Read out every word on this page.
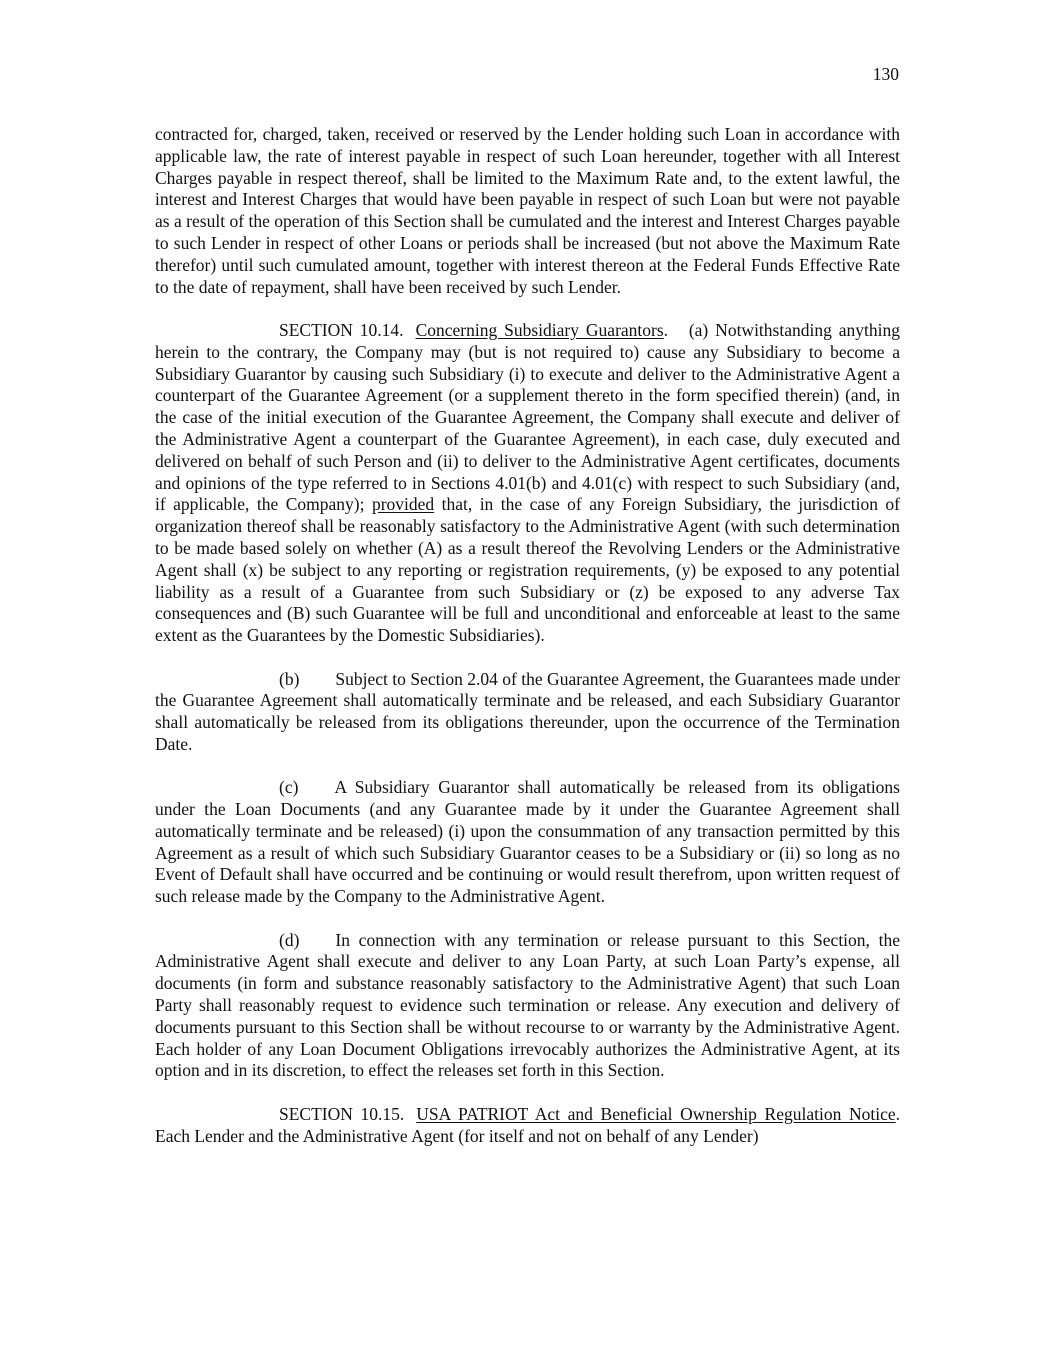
130

contracted for, charged, taken, received or reserved by the Lender holding such Loan in accordance with applicable law, the rate of interest payable in respect of such Loan hereunder, together with all Interest Charges payable in respect thereof, shall be limited to the Maximum Rate and, to the extent lawful, the interest and Interest Charges that would have been payable in respect of such Loan but were not payable as a result of the operation of this Section shall be cumulated and the interest and Interest Charges payable to such Lender in respect of other Loans or periods shall be increased (but not above the Maximum Rate therefor) until such cumulated amount, together with interest thereon at the Federal Funds Effective Rate to the date of repayment, shall have been received by such Lender.

SECTION 10.14. Concerning Subsidiary Guarantors. (a) Notwithstanding anything herein to the contrary, the Company may (but is not required to) cause any Subsidiary to become a Subsidiary Guarantor by causing such Subsidiary (i) to execute and deliver to the Administrative Agent a counterpart of the Guarantee Agreement (or a supplement thereto in the form specified therein) (and, in the case of the initial execution of the Guarantee Agreement, the Company shall execute and deliver of the Administrative Agent a counterpart of the Guarantee Agreement), in each case, duly executed and delivered on behalf of such Person and (ii) to deliver to the Administrative Agent certificates, documents and opinions of the type referred to in Sections 4.01(b) and 4.01(c) with respect to such Subsidiary (and, if applicable, the Company); provided that, in the case of any Foreign Subsidiary, the jurisdiction of organization thereof shall be reasonably satisfactory to the Administrative Agent (with such determination to be made based solely on whether (A) as a result thereof the Revolving Lenders or the Administrative Agent shall (x) be subject to any reporting or registration requirements, (y) be exposed to any potential liability as a result of a Guarantee from such Subsidiary or (z) be exposed to any adverse Tax consequences and (B) such Guarantee will be full and unconditional and enforceable at least to the same extent as the Guarantees by the Domestic Subsidiaries).

(b) Subject to Section 2.04 of the Guarantee Agreement, the Guarantees made under the Guarantee Agreement shall automatically terminate and be released, and each Subsidiary Guarantor shall automatically be released from its obligations thereunder, upon the occurrence of the Termination Date.

(c) A Subsidiary Guarantor shall automatically be released from its obligations under the Loan Documents (and any Guarantee made by it under the Guarantee Agreement shall automatically terminate and be released) (i) upon the consummation of any transaction permitted by this Agreement as a result of which such Subsidiary Guarantor ceases to be a Subsidiary or (ii) so long as no Event of Default shall have occurred and be continuing or would result therefrom, upon written request of such release made by the Company to the Administrative Agent.

(d) In connection with any termination or release pursuant to this Section, the Administrative Agent shall execute and deliver to any Loan Party, at such Loan Party’s expense, all documents (in form and substance reasonably satisfactory to the Administrative Agent) that such Loan Party shall reasonably request to evidence such termination or release. Any execution and delivery of documents pursuant to this Section shall be without recourse to or warranty by the Administrative Agent. Each holder of any Loan Document Obligations irrevocably authorizes the Administrative Agent, at its option and in its discretion, to effect the releases set forth in this Section.

SECTION 10.15. USA PATRIOT Act and Beneficial Ownership Regulation Notice. Each Lender and the Administrative Agent (for itself and not on behalf of any Lender)
